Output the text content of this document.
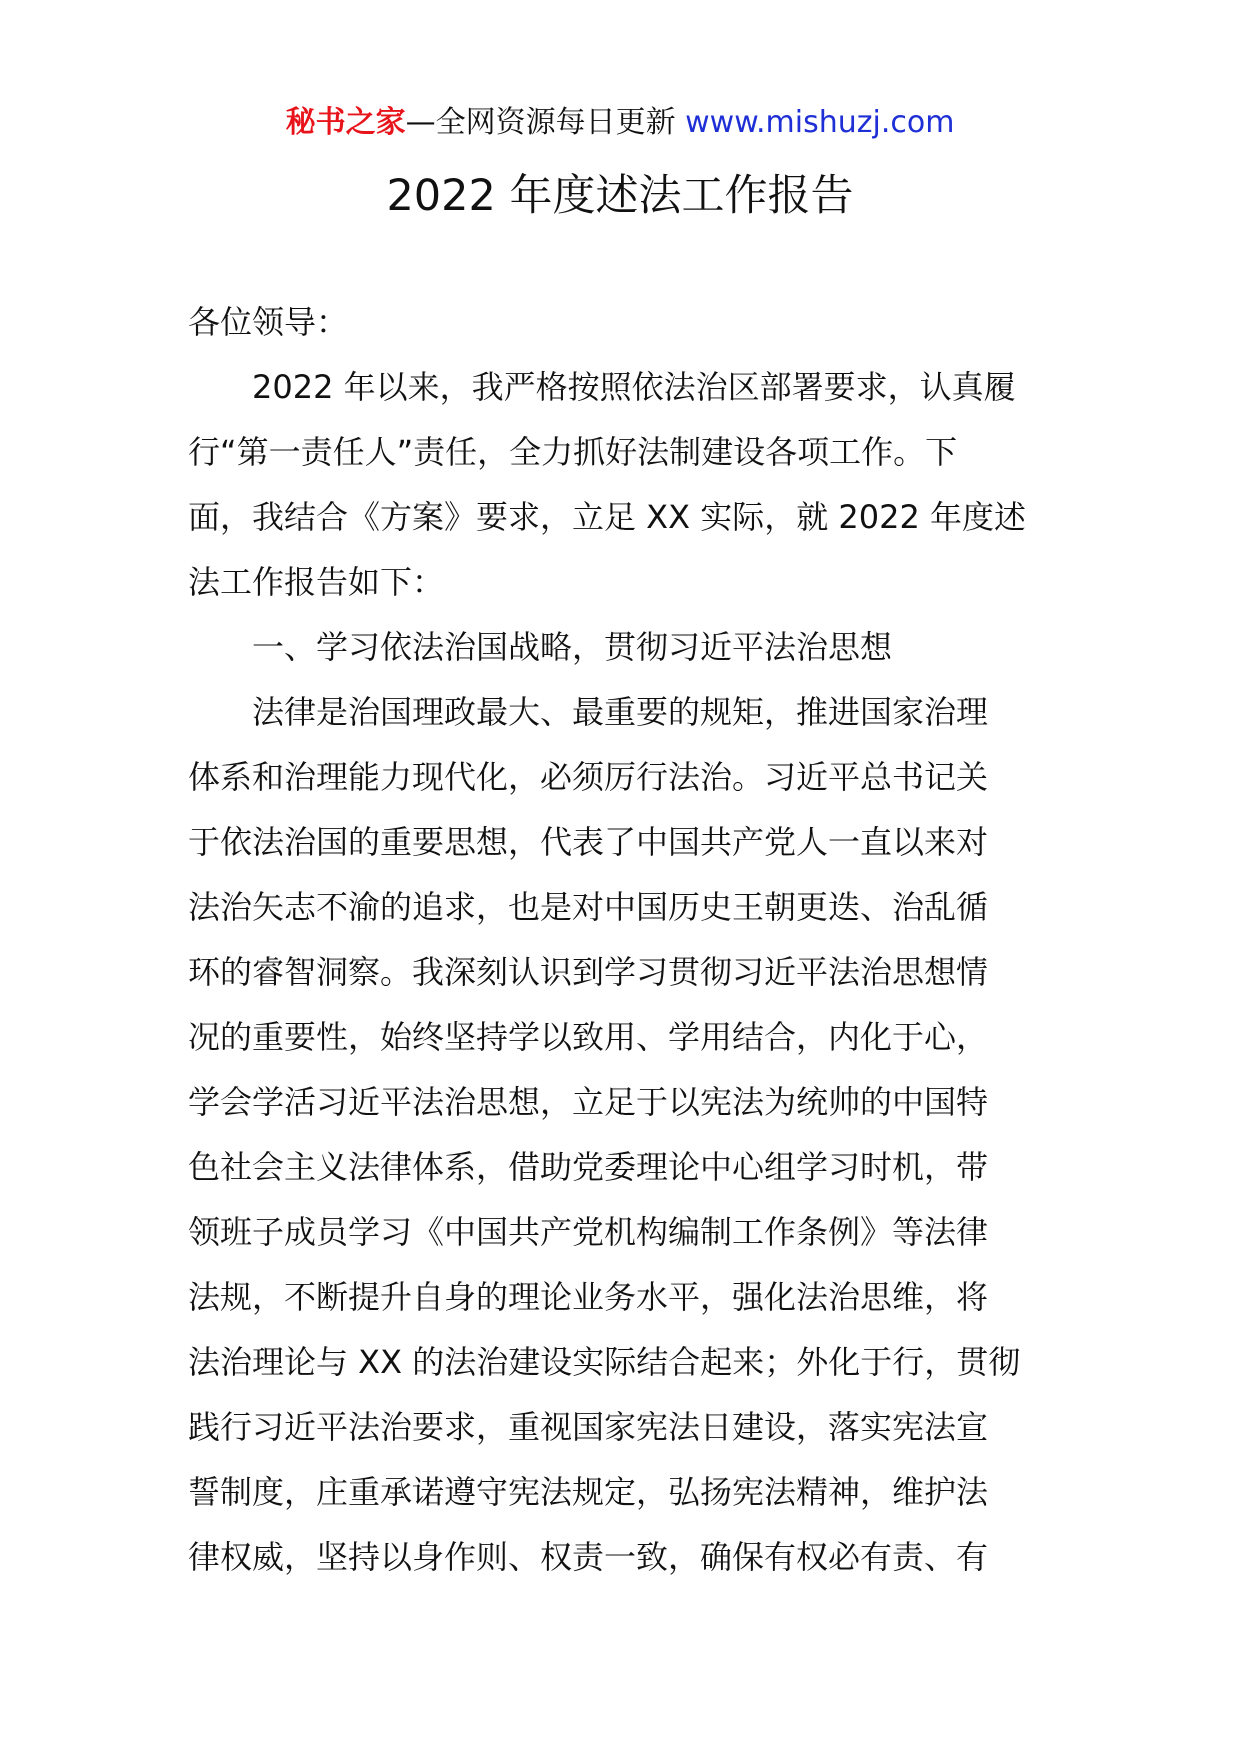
秘书之家—全网资源每日更新 www.mishuzj.com
2022 年度述法工作报告
各位领导：
2022 年以来，我严格按照依法治区部署要求，认真履
行“第一责任人”责任，全力抓好法制建设各项工作。下
面，我结合《方案》要求，立足 XX 实际，就 2022 年度述
法工作报告如下：
一、学习依法治国战略，贯彻习近平法治思想
法律是治国理政最大、最重要的规矩，推进国家治理
体系和治理能力现代化，必须厉行法治。习近平总书记关
于依法治国的重要思想，代表了中国共产党人一直以来对
法治矢志不渝的追求，也是对中国历史王朝更迭、治乱循
环的睿智洞察。我深刻认识到学习贯彻习近平法治思想情
况的重要性，始终坚持学以致用、学用结合，内化于心，
学会学活习近平法治思想，立足于以宪法为统帅的中国特
色社会主义法律体系，借助党委理论中心组学习时机，带
领班子成员学习《中国共产党机构编制工作条例》等法律
法规，不断提升自身的理论业务水平，强化法治思维，将
法治理论与 XX 的法治建设实际结合起来；外化于行，贯彻
践行习近平法治要求，重视国家宪法日建设，落实宪法宣
誓制度，庄重承诺遵守宪法规定，弘扬宪法精神，维护法
律权威，坚持以身作则、权责一致，确保有权必有责、有
